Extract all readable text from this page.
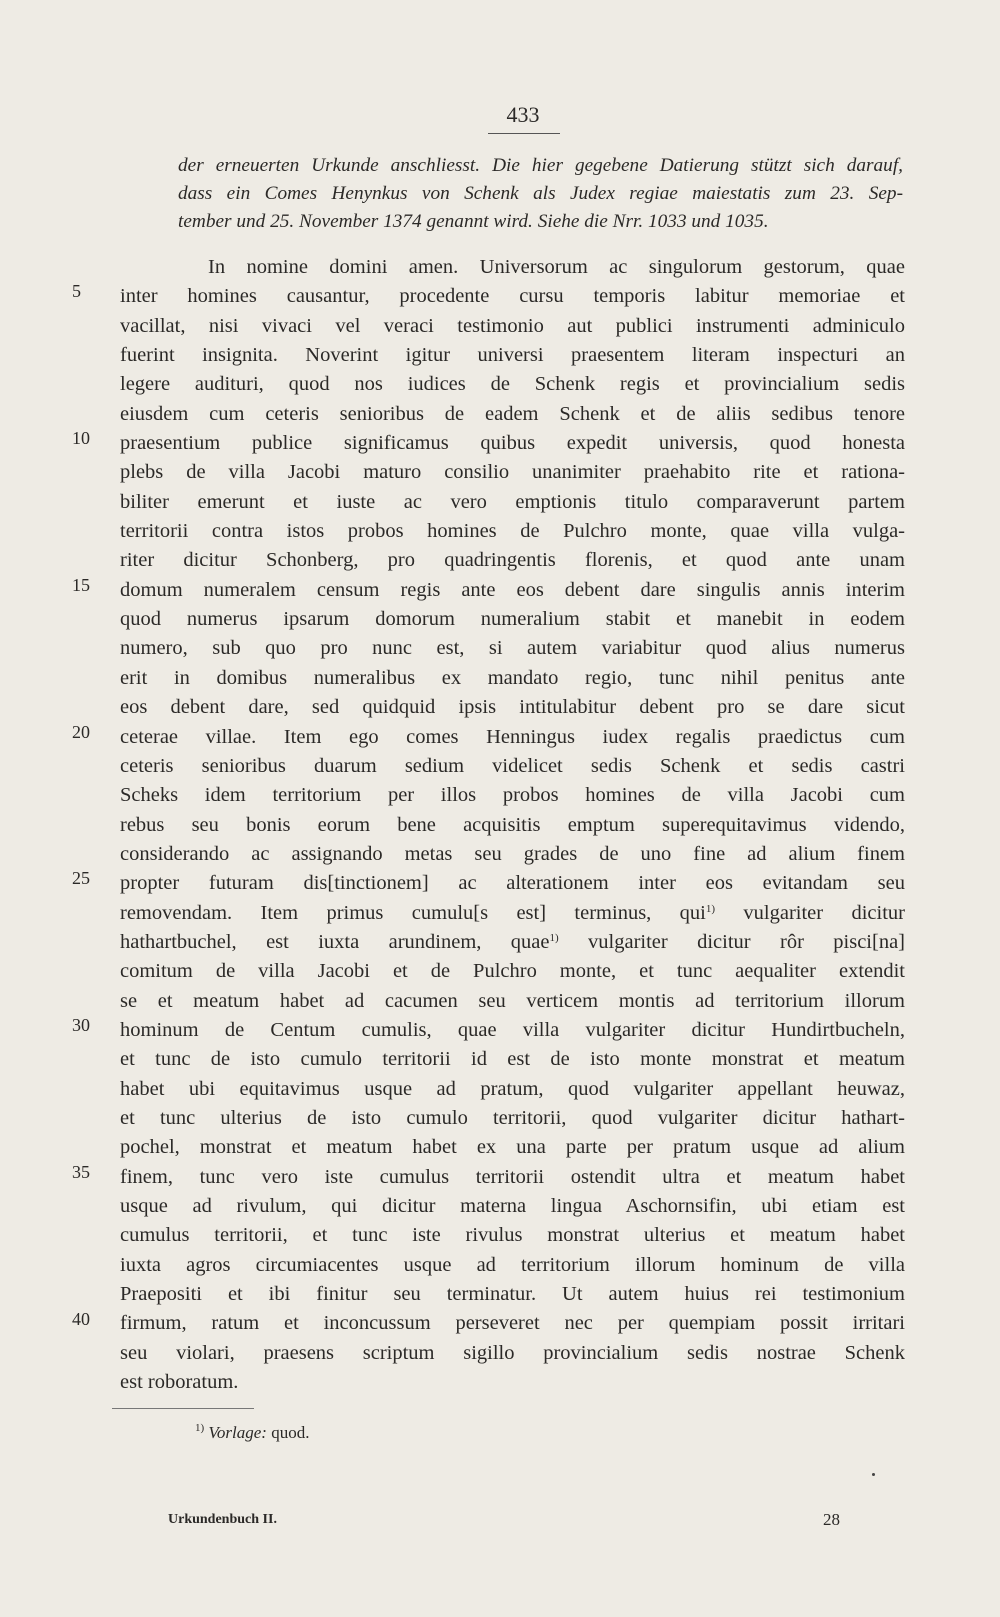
433
der erneuerten Urkunde anschliesst. Die hier gegebene Datierung stützt sich darauf,
dass ein Comes Henynkus von Schenk als Judex regiae maiestatis zum 23. Sep-
tember und 25. November 1374 genannt wird. Siehe die Nrr. 1033 und 1035.
5
10
15
20
25
30
35
40
In nomine domini amen. Universorum ac singulorum gestorum, quae
inter homines causantur, procedente cursu temporis labitur memoriae et
vacillat, nisi vivaci vel veraci testimonio aut publici instrumenti adminiculo
fuerint insignita. Noverint igitur universi praesentem literam inspecturi an
legere audituri, quod nos iudices de Schenk regis et provincialium sedis
eiusdem cum ceteris senioribus de eadem Schenk et de aliis sedibus tenore
praesentium publice significamus quibus expedit universis, quod honesta
plebs de villa Jacobi maturo consilio unanimiter praehabito rite et rationa-
biliter emerunt et iuste ac vero emptionis titulo comparaverunt partem
territorii contra istos probos homines de Pulchro monte, quae villa vulga-
riter dicitur Schonberg, pro quadringentis florenis, et quod ante unam
domum numeralem censum regis ante eos debent dare singulis annis interim
quod numerus ipsarum domorum numeralium stabit et manebit in eodem
numero, sub quo pro nunc est, si autem variabitur quod alius numerus
erit in domibus numeralibus ex mandato regio, tunc nihil penitus ante
eos debent dare, sed quidquid ipsis intitulabitur debent pro se dare sicut
ceterae villae. Item ego comes Henningus iudex regalis praedictus cum
ceteris senioribus duarum sedium videlicet sedis Schenk et sedis castri
Scheks idem territorium per illos probos homines de villa Jacobi cum
rebus seu bonis eorum bene acquisitis emptum superequitavimus videndo,
considerando ac assignando metas seu grades de uno fine ad alium finem
propter futuram dis[tinctionem] ac alterationem inter eos evitandam seu
removendam. Item primus cumulu[s est] terminus, qui$^{1)}$ vulgariter dicitur
hathartbuchel, est iuxta arundinem, quae$^{1)}$ vulgariter dicitur rôr pisci[na]
comitum de villa Jacobi et de Pulchro monte, et tunc aequaliter extendit
se et meatum habet ad cacumen seu verticem montis ad territorium illorum
hominum de Centum cumulis, quae villa vulgariter dicitur Hundirtbucheln,
et tunc de isto cumulo territorii id est de isto monte monstrat et meatum
habet ubi equitavimus usque ad pratum, quod vulgariter appellant heuwaz,
et tunc ulterius de isto cumulo territorii, quod vulgariter dicitur hathart-
pochel, monstrat et meatum habet ex una parte per pratum usque ad alium
finem, tunc vero iste cumulus territorii ostendit ultra et meatum habet
usque ad rivulum, qui dicitur materna lingua Aschornsifin, ubi etiam est
cumulus territorii, et tunc iste rivulus monstrat ulterius et meatum habet
iuxta agros circumiacentes usque ad territorium illorum hominum de villa
Praepositi et ibi finitur seu terminatur. Ut autem huius rei testimonium
firmum, ratum et inconcussum perseveret nec per quempiam possit irritari
seu violari, praesens scriptum sigillo provincialium sedis nostrae Schenk
est roboratum.
$^{1)}$ Vorlage: quod.
Urkundenbuch II.	28
